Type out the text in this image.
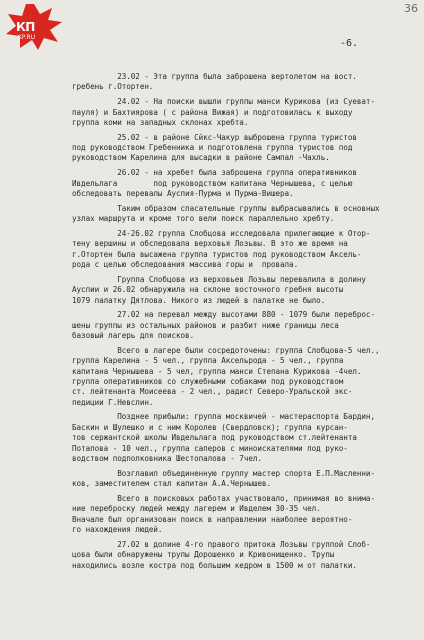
КП
KP.RU
36
-6.

23.02 - Эта группа была заброшена вертолетом на вост.
гребень г.Отортен.

24.02 - На поиски вышли группы манси Курикова (из Суеват-
пауля) и Бахтиярова ( с района Вижая) и подготовилась к выходу
группа коми на западных склонах хребта.

25.02 - в районе Сйкс-Чакур выброшена группа туристов
под руководством Гребенника и подготовлена группа туристов под
руководством Карелина для высадки в районе Сампал -Чахль.

26.02 - на хребет была заброшена группа оперативников
Ивдельлага        под руководством капитана Чернышева, с целью
обследовать перевалы Ауспия-Пурма и Пурма-Вишера.

Таким образом спасательные группы выбрасывались в основных
узлах маршрута и кроме того вели поиск параллельно хребту.

24-26.02 группа Слобцова исследовала прилегающие к Отор-
тену вершины и обследовала верховья Лозьвы. В это же время на
г.Отортен была высажена группа туристов под руководством Аксель-
рода с целью обследования массива горы и  провала.

Группа Слобцова из верховьев Лозьвы перевалила в долину
Ауспии и 26.02 обнаружила на склоне восточного гребня высоты
1079 палатку Дятлова. Никого из людей в палатке не было.

27.02 на перевал между высотами 880 - 1079 были переброс-
шены группы из остальных районов и разбит ниже границы леса
базовый лагерь для поисков.

Всего в лагере были сосредоточены: группа Слобцова-5 чел.,
группа Карелина - 5 чел., группа Аксельрода - 5 чел., группа
капитана Чернышева - 5 чел, группа манси Степана Курикова -4чел.
группа оперативников со служебными собаками под руководством
ст. лейтенанта Моисеева - 2 чел., радист Северо-Уральской экс-
педиции Г.Невслин.

Позднее прибыли: группа москвичей - мастераспорта Бардин,
Баскин и Шулешко и с ним Королев (Свердловск); группа курсан-
тов сержантской школы Ивдельлага под руководством ст.лейтенанта
Потапова - 10 чел., группа саперов с миноискателями под руко-
водством подполковника Шестопалова - 7чел.

Возглавил объединенную группу мастер спорта Е.П.Масленни-
ков, заместителем стал капитан А.А.Чернышев.

Всего в поисковых работах участвовало, принимая во внима-
ние переброску людей между лагерем и Ивделем 30-35 чел.
Вначале был организован поиск в направлении наиболее вероятно-
го нахождения людей.

27.02 в долине 4-го правого притока Лозьвы группой Слоб-
цова были обнаружены трупы Дорошенко и Кривонищенко. Трупы
находились возле костра под большим кедром в 1500 м от палатки.
